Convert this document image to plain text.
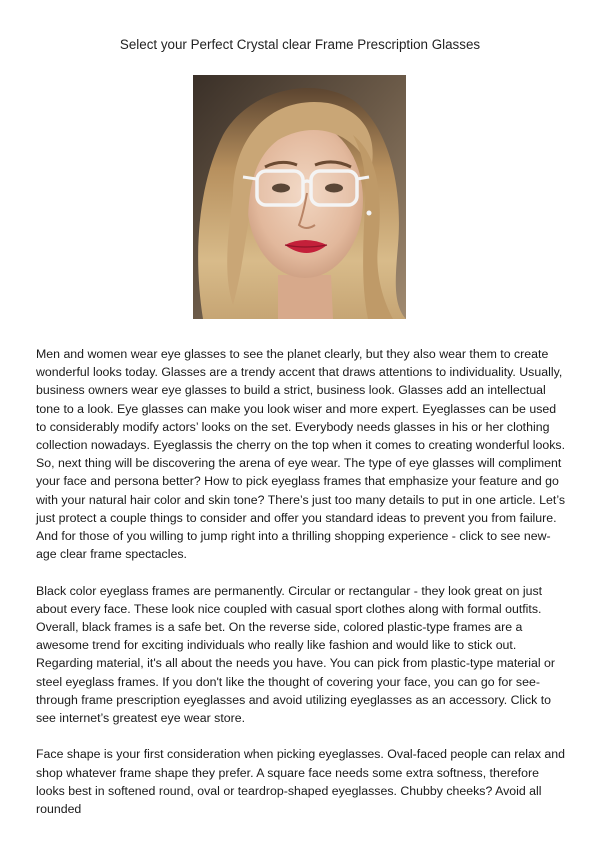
Select your Perfect Crystal clear Frame Prescription Glasses

Men and women wear eye glasses to see the planet clearly, but they also wear them to create wonderful looks today. Glasses are a trendy accent that draws attentions to individuality. Usually, business owners wear eye glasses to build a strict, business look. Glasses add an intellectual tone to a look. Eye glasses can make you look wiser and more expert. Eyeglasses can be used to considerably modify actors’ looks on the set. Everybody needs glasses in his or her clothing collection nowadays. Eyeglassis the cherry on the top when it comes to creating wonderful looks. So, next thing will be discovering the arena of eye wear. The type of eye glasses will compliment your face and persona better? How to pick eyeglass frames that emphasize your feature and go with your natural hair color and skin tone? There’s just too many details to put in one article. Let’s just protect a couple things to consider and offer you standard ideas to prevent you from failure. And for those of you willing to jump right into a thrilling shopping experience - click to see new-age clear frame spectacles.

Black color eyeglass frames are permanently. Circular or rectangular - they look great on just about every face. These look nice coupled with casual sport clothes along with formal outfits. Overall, black frames is a safe bet. On the reverse side, colored plastic-type frames are a awesome trend for exciting individuals who really like fashion and would like to stick out. Regarding material, it's all about the needs you have. You can pick from plastic-type material or steel eyeglass frames. If you don't like the thought of covering your face, you can go for see-through frame prescription eyeglasses and avoid utilizing eyeglasses as an accessory. Click to see internet’s greatest eye wear store.

Face shape is your first consideration when picking eyeglasses. Oval-faced people can relax and shop whatever frame shape they prefer. A square face needs some extra softness, therefore looks best in softened round, oval or teardrop-shaped eyeglasses. Chubby cheeks? Avoid all rounded
